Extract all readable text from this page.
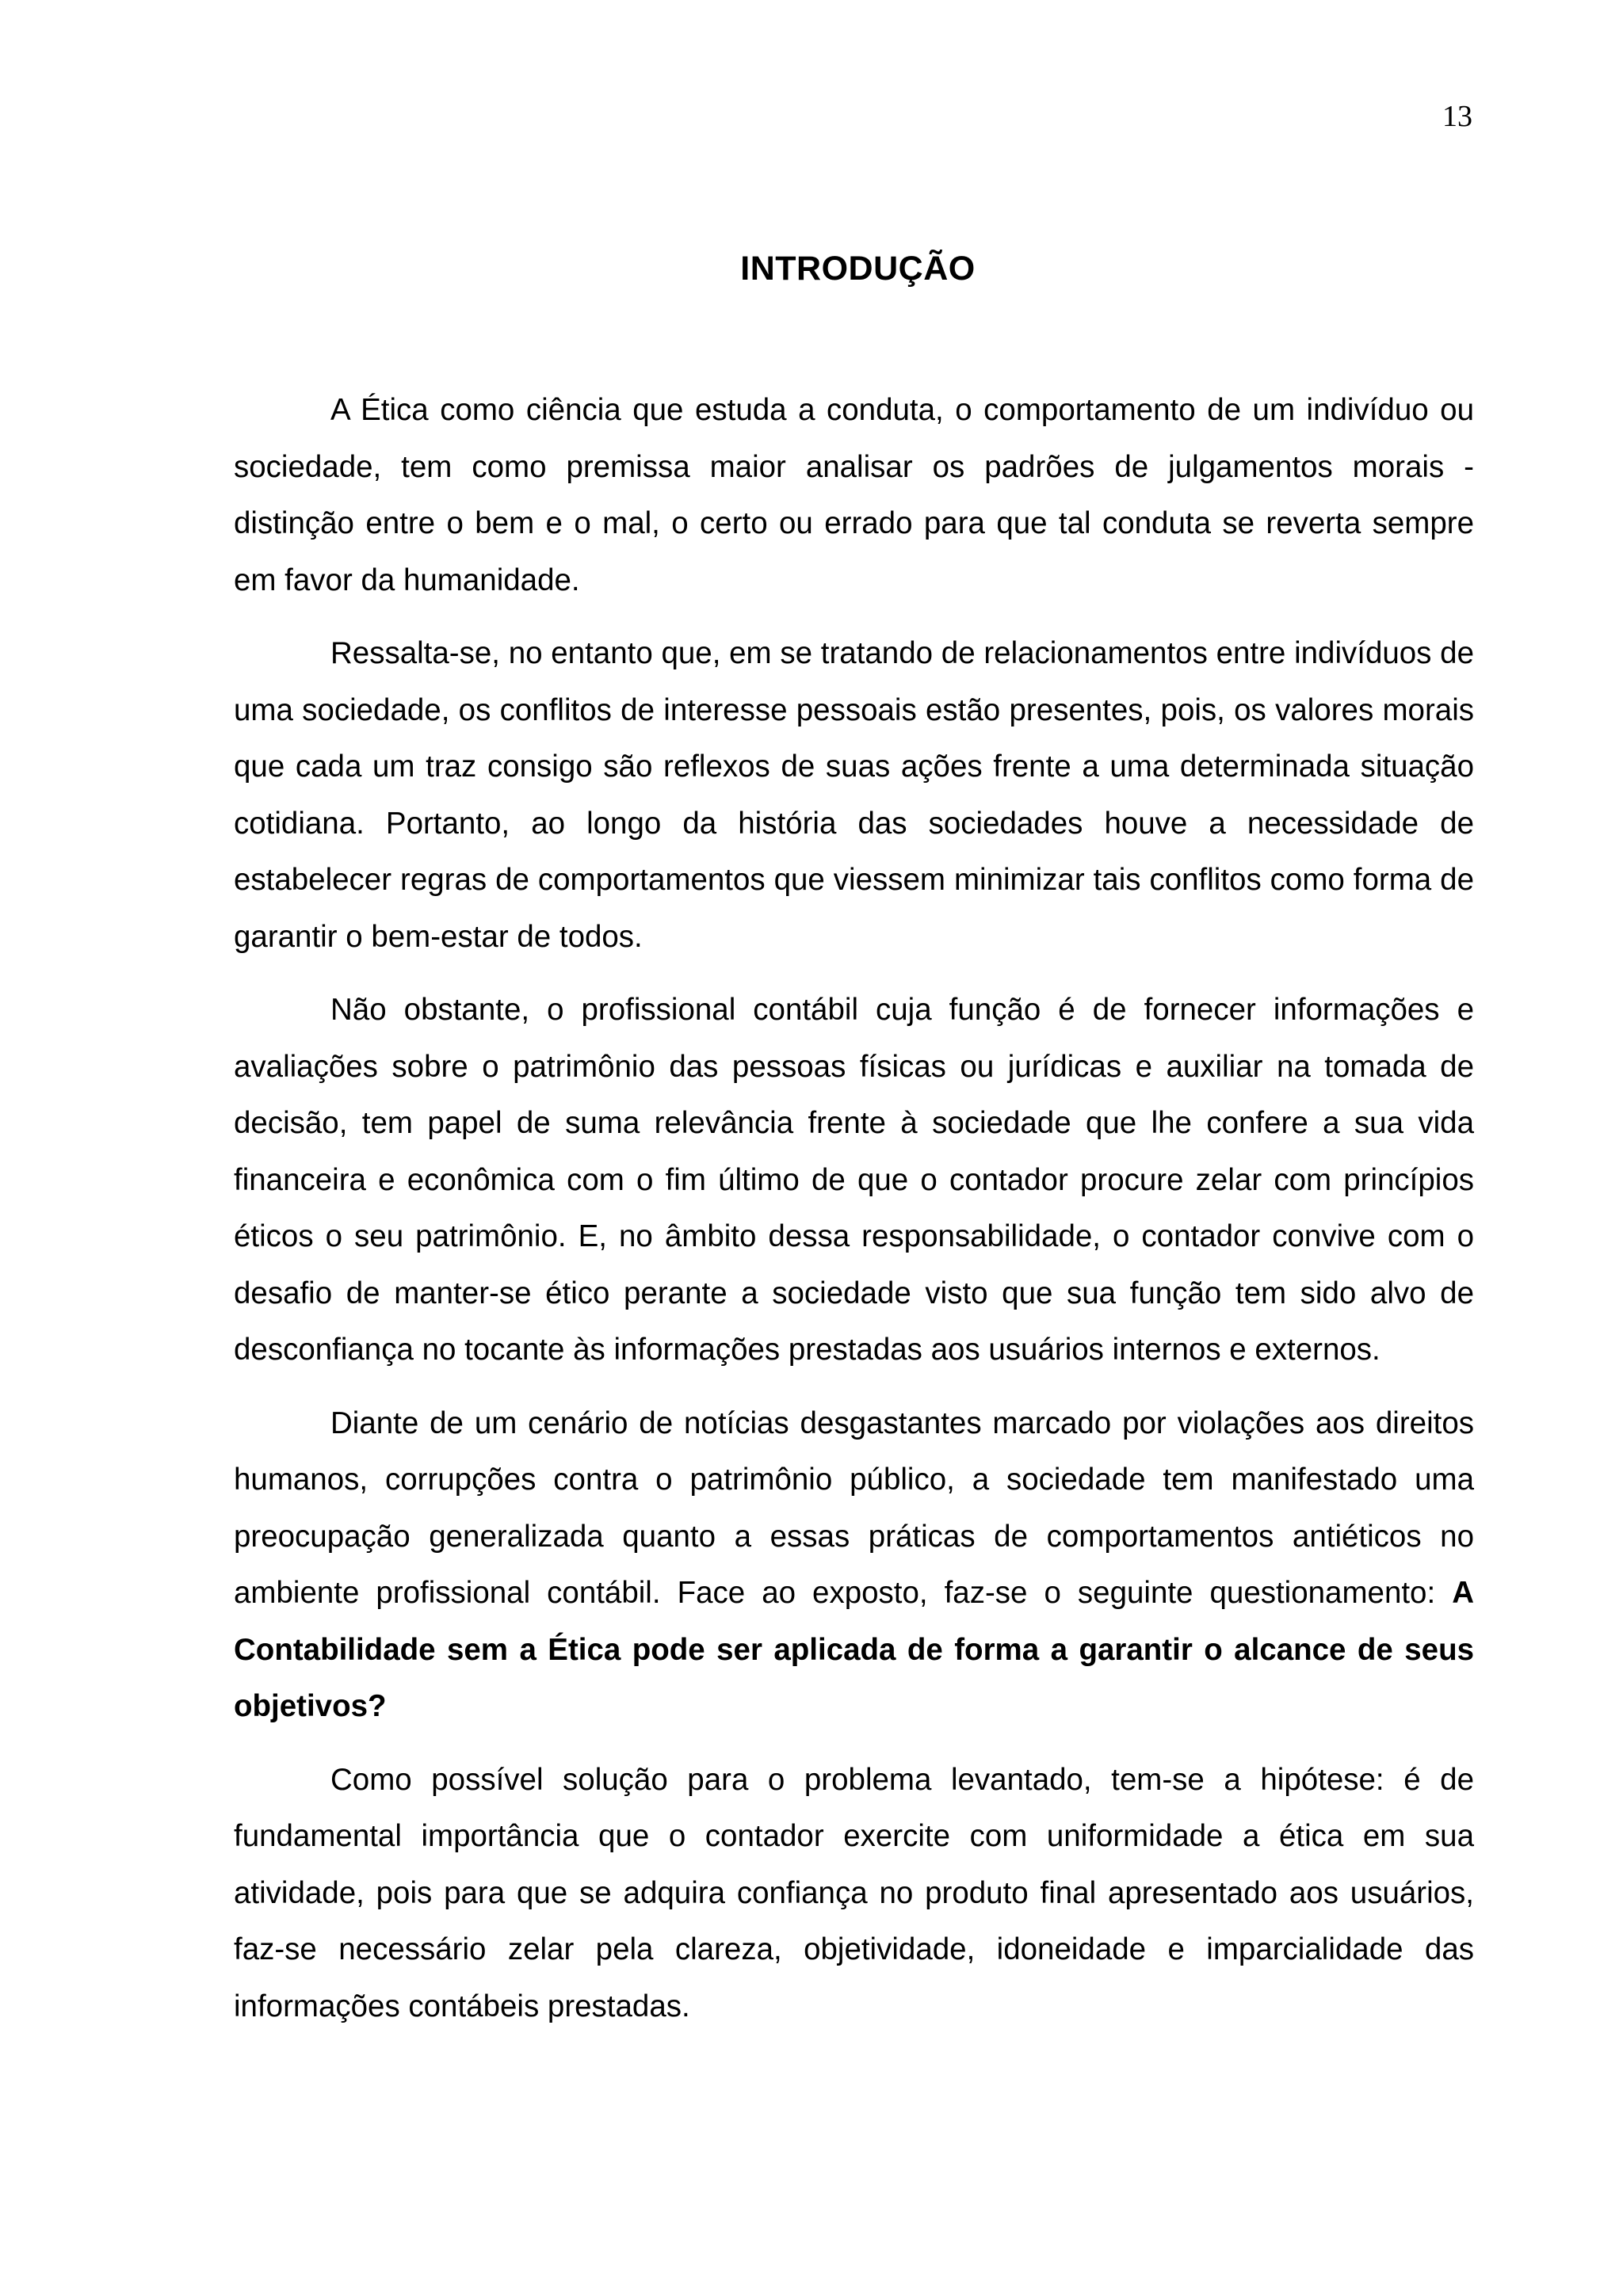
13
INTRODUÇÃO

A Ética como ciência que estuda a conduta, o comportamento de um indivíduo ou sociedade, tem como premissa maior analisar os padrões de julgamentos morais - distinção entre o bem e o mal, o certo ou errado para que tal conduta se reverta sempre em favor da humanidade.

Ressalta-se, no entanto que, em se tratando de relacionamentos entre indivíduos de uma sociedade, os conflitos de interesse pessoais estão presentes, pois, os valores morais que cada um traz consigo são reflexos de suas ações frente a uma determinada situação cotidiana. Portanto, ao longo da história das sociedades houve a necessidade de estabelecer regras de comportamentos que viessem minimizar tais conflitos como forma de garantir o bem-estar de todos.

Não obstante, o profissional contábil cuja função é de fornecer informações e avaliações sobre o patrimônio das pessoas físicas ou jurídicas e auxiliar na tomada de decisão, tem papel de suma relevância frente à sociedade que lhe confere a sua vida financeira e econômica com o fim último de que o contador procure zelar com princípios éticos o seu patrimônio. E, no âmbito dessa responsabilidade, o contador convive com o desafio de manter-se ético perante a sociedade visto que sua função tem sido alvo de desconfiança no tocante às informações prestadas aos usuários internos e externos.

Diante de um cenário de notícias desgastantes marcado por violações aos direitos humanos, corrupções contra o patrimônio público, a sociedade tem manifestado uma preocupação generalizada quanto a essas práticas de comportamentos antiéticos no ambiente profissional contábil. Face ao exposto, faz-se o seguinte questionamento: A Contabilidade sem a Ética pode ser aplicada de forma a garantir o alcance de seus objetivos?

Como possível solução para o problema levantado, tem-se a hipótese: é de fundamental importância que o contador exercite com uniformidade a ética em sua atividade, pois para que se adquira confiança no produto final apresentado aos usuários, faz-se necessário zelar pela clareza, objetividade, idoneidade e imparcialidade das informações contábeis prestadas.
